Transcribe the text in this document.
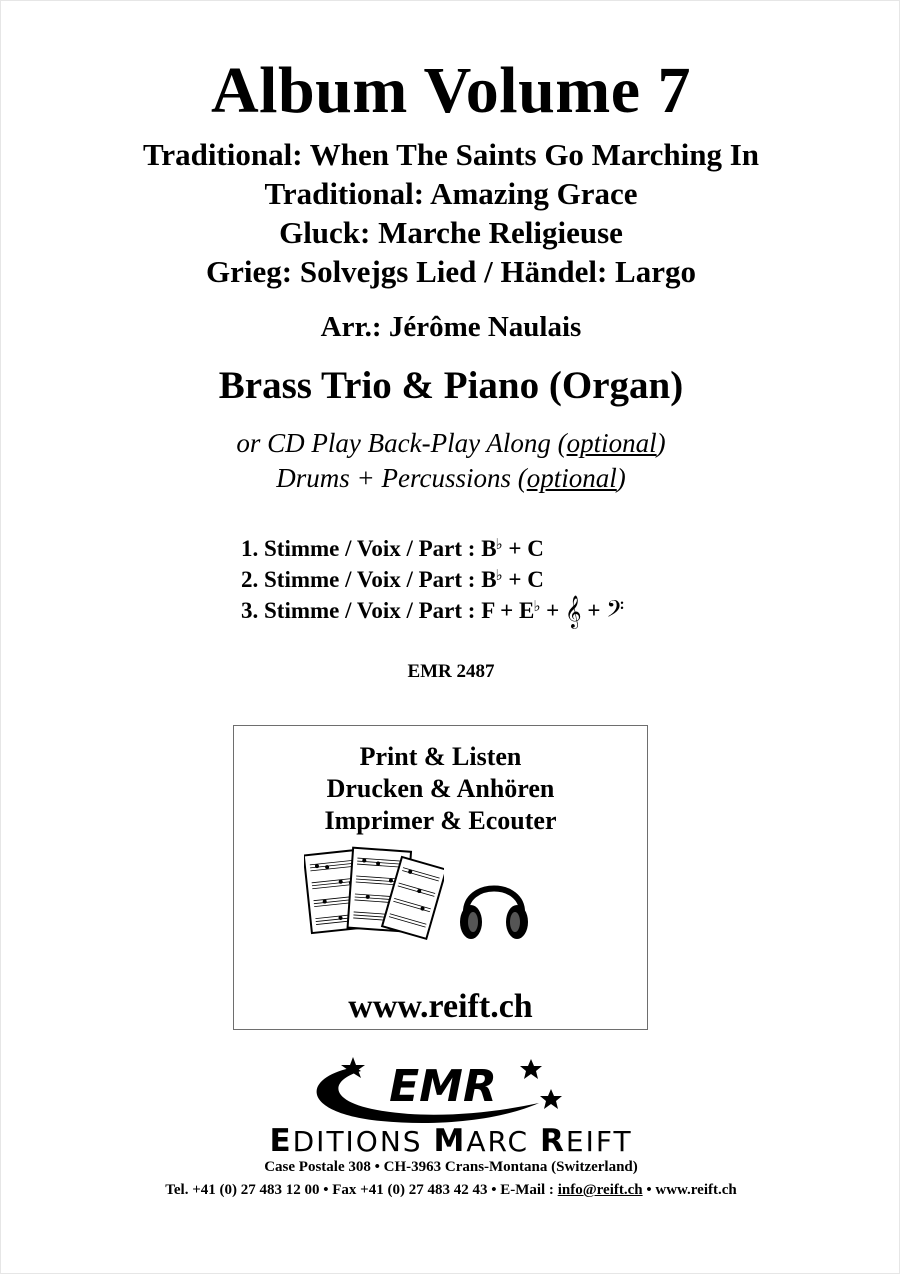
Album Volume 7
Traditional: When The Saints Go Marching In
Traditional: Amazing Grace
Gluck: Marche Religieuse
Grieg: Solvejgs Lied / Händel: Largo
Arr.: Jérôme Naulais
Brass Trio & Piano (Organ)
or CD Play Back-Play Along (optional)
Drums + Percussions (optional)
1. Stimme / Voix / Part : B♭ + C
2. Stimme / Voix / Part : B♭ + C
3. Stimme / Voix / Part : F + E♭ + 𝄞 + 𝄢
EMR 2487
Print & Listen
Drucken & Anhören
Imprimer & Ecouter
www.reift.ch
EMR
EDITIONS MARC REIFT
Case Postale 308 • CH-3963 Crans-Montana (Switzerland)
Tel. +41 (0) 27 483 12 00 • Fax +41 (0) 27 483 42 43 • E-Mail : info@reift.ch • www.reift.ch
